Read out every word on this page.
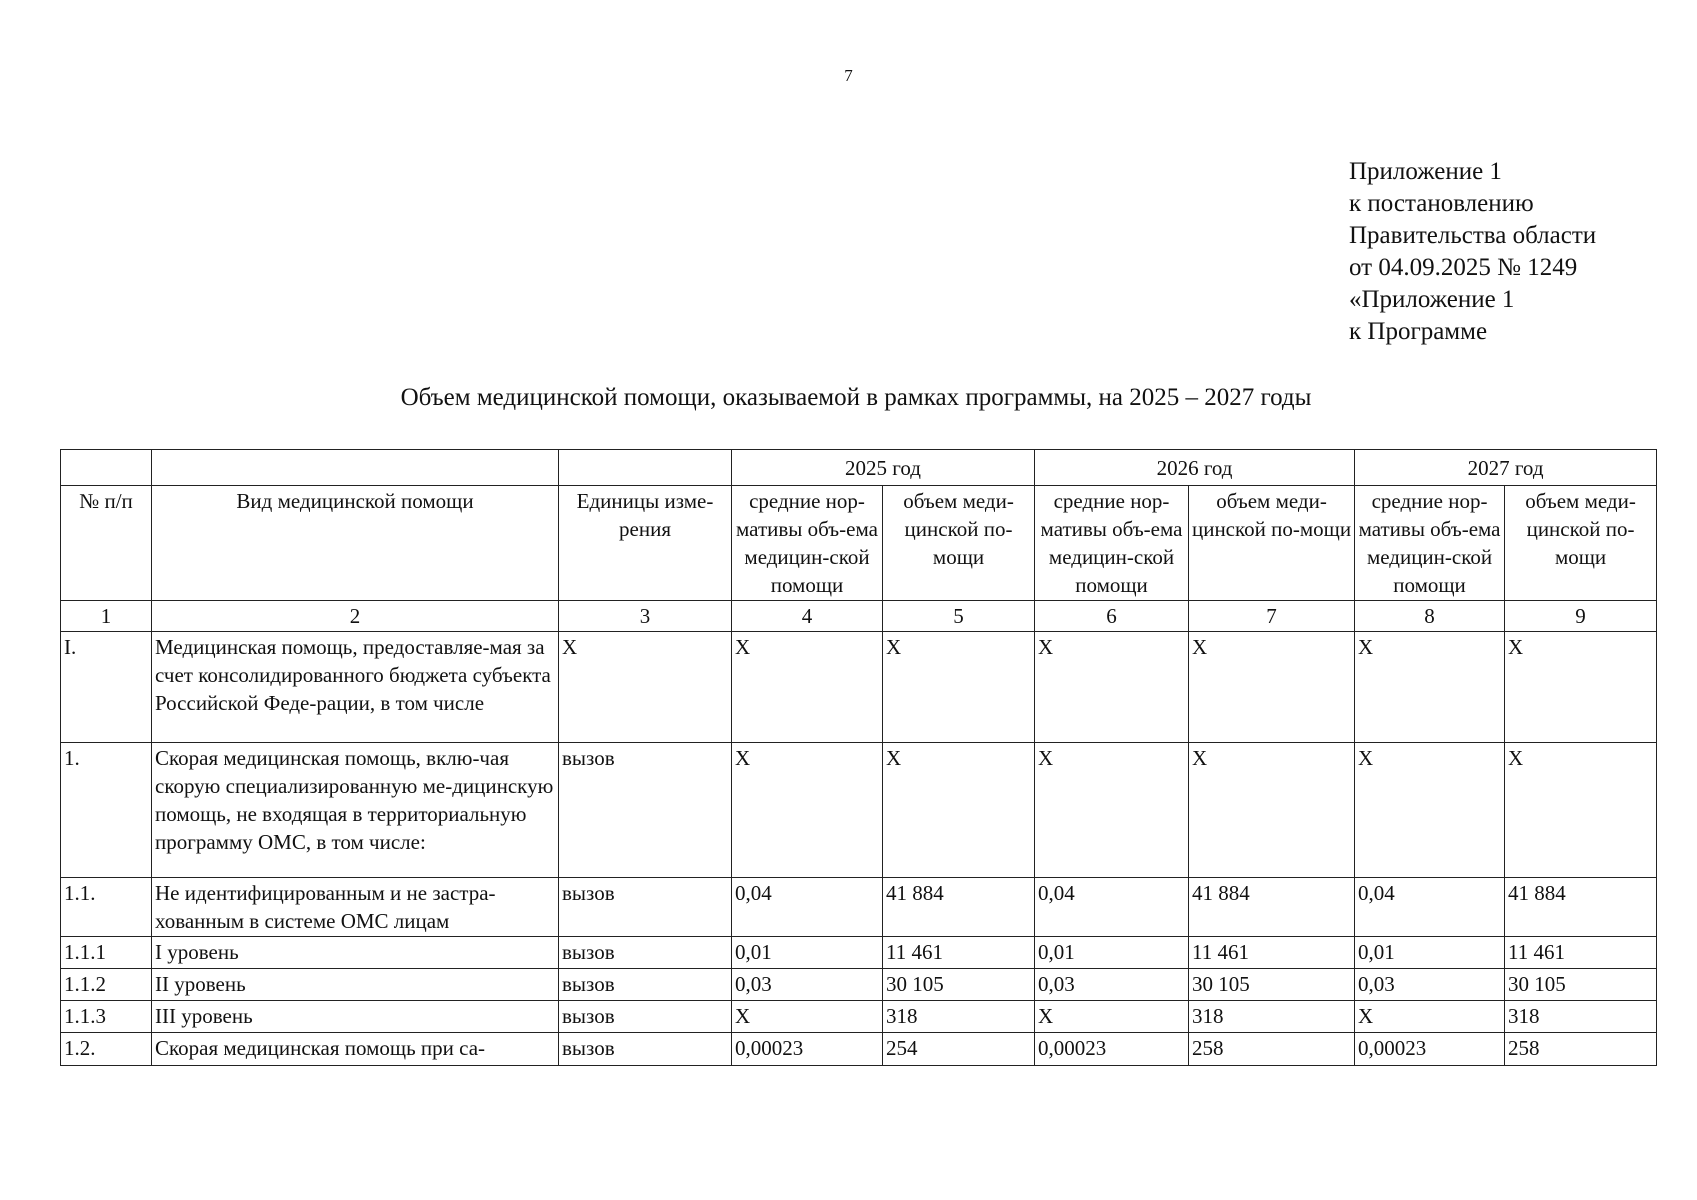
7
Приложение 1
к постановлению
Правительства области
от 04.09.2025 № 1249
«Приложение 1
к Программе
Объем медицинской помощи, оказываемой в рамках программы, на 2025 – 2027 годы
			2025 год		2026 год		2027 год	
№ п/п	Вид медицинской помощи	Единицы изме-рения	средние нор-мативы объ-ема медицин-ской помощи	объем меди-цинской по-мощи	средние нор-мативы объ-ема медицин-ской помощи	объем меди-цинской по-мощи	средние нор-мативы объ-ема медицин-ской помощи	объем меди-цинской по-мощи
1	2	3	4	5	6	7	8	9
I.	Медицинская помощь, предоставляе-мая за счет консолидированного бюджета субъекта Российской Феде-рации, в том числе	Х	Х	Х	Х	Х	Х	Х
1.	Скорая медицинская помощь, вклю-чая скорую специализированную ме-дицинскую помощь, не входящая в территориальную программу ОМС, в том числе:	вызов	Х	Х	Х	Х	Х	Х
1.1.	Не идентифицированным и не застра-хованным в системе ОМС лицам	вызов	0,04	41 884	0,04	41 884	0,04	41 884
1.1.1	I уровень	вызов	0,01	11 461	0,01	11 461	0,01	11 461
1.1.2	II уровень	вызов	0,03	30 105	0,03	30 105	0,03	30 105
1.1.3	III уровень	вызов	Х	318	Х	318	Х	318
1.2.	Скорая медицинская помощь при са-	вызов	0,00023	254	0,00023	258	0,00023	258
